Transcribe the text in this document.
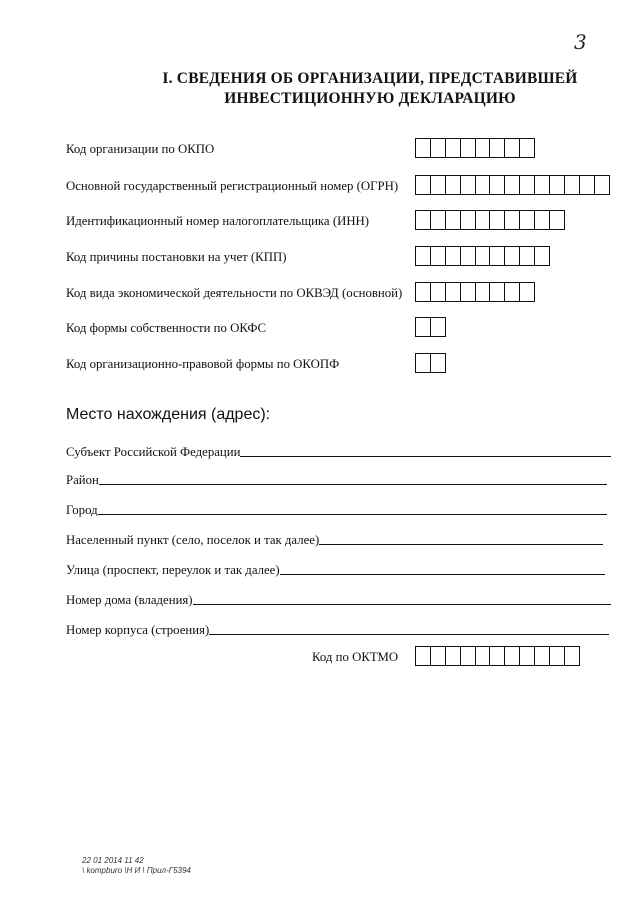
3
I. СВЕДЕНИЯ ОБ ОРГАНИЗАЦИИ, ПРЕДСТАВИВШЕЙ
ИНВЕСТИЦИОННУЮ ДЕКЛАРАЦИЮ
Код организации по ОКПО
Основной государственный регистрационный номер (ОГРН)
Идентификационный номер налогоплательщика (ИНН)
Код причины постановки на учет (КПП)
Код вида экономической деятельности по ОКВЭД (основной)
Код формы собственности по ОКФС
Код организационно-правовой формы по ОКОПФ
Место нахождения (адрес):
Субъект Российской Федерации
Район
Город
Населенный пункт (село, поселок и так далее)
Улица (проспект, переулок и так далее)
Номер дома (владения)
Номер корпуса (строения)
Код по ОКТМО
22 01 2014 11 42
\ kompburo \Н И \ Прил-Г5394
